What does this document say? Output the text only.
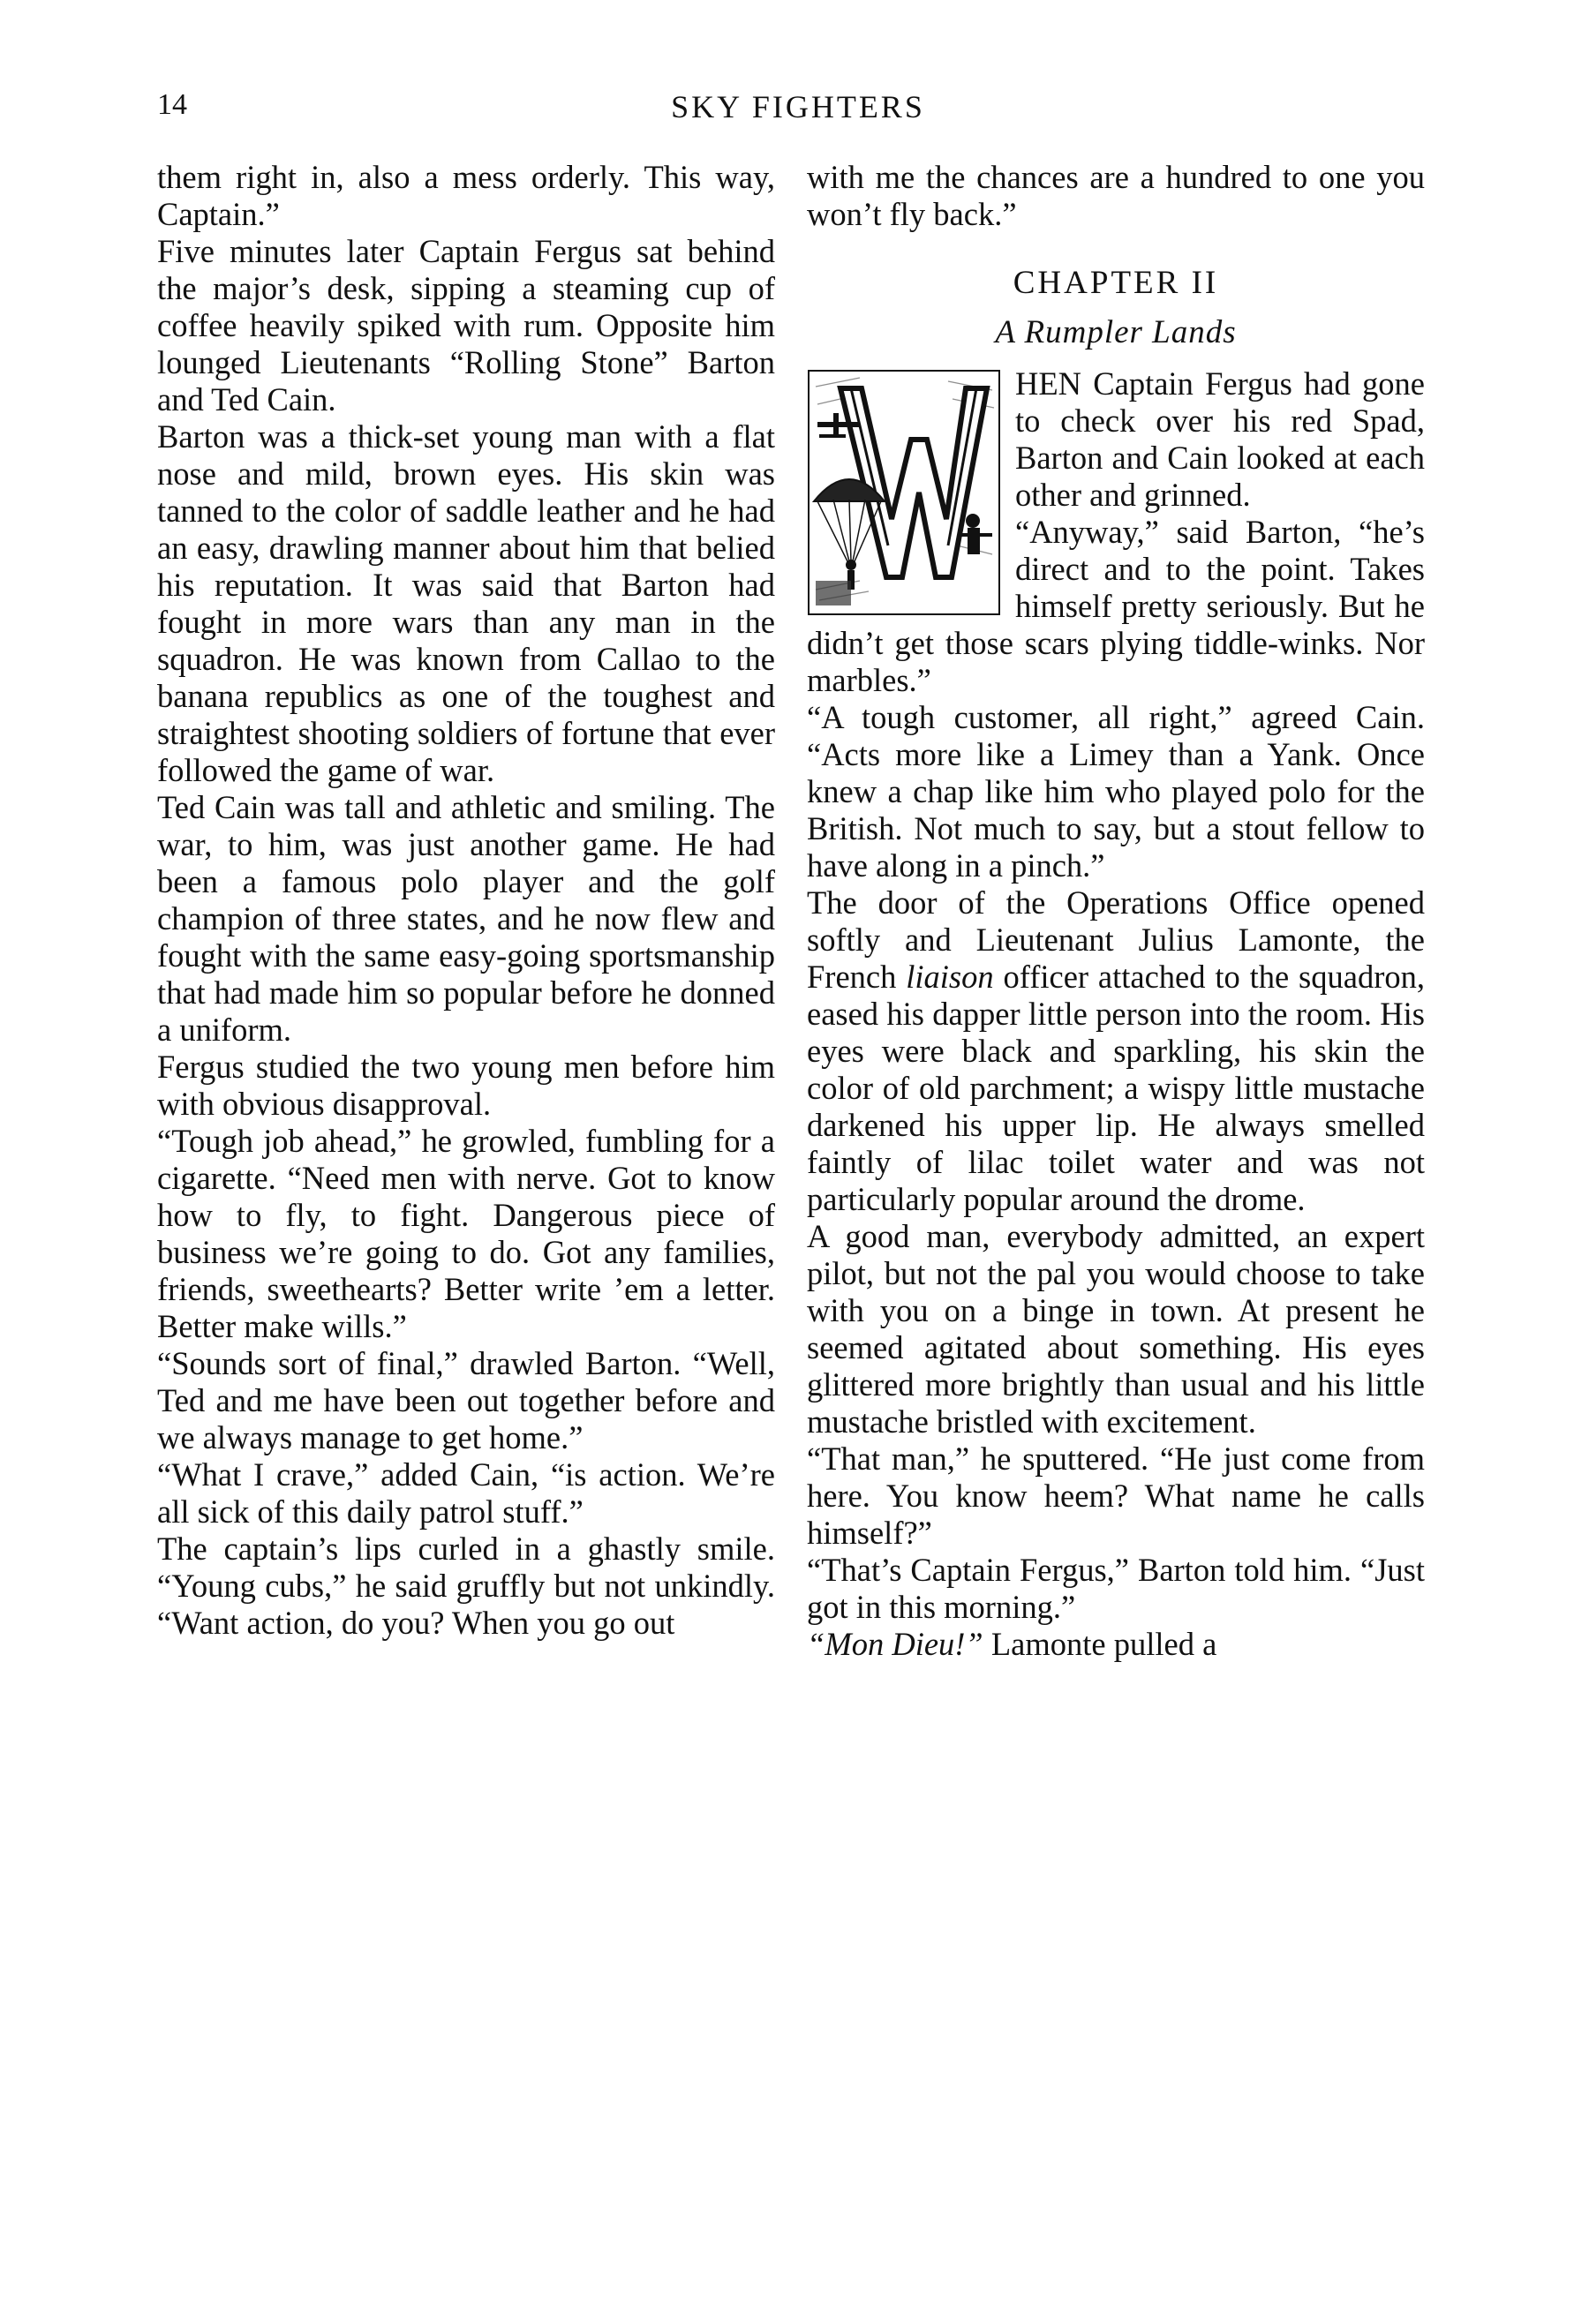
14	SKY FIGHTERS

them right in, also a mess orderly. This way, Captain.”

Five minutes later Captain Fergus sat behind the major’s desk, sipping a steaming cup of coffee heavily spiked with rum. Opposite him lounged Lieutenants “Rolling Stone” Barton and Ted Cain.

Barton was a thick-set young man with a flat nose and mild, brown eyes. His skin was tanned to the color of saddle leather and he had an easy, drawling manner about him that belied his reputation. It was said that Barton had fought in more wars than any man in the squadron. He was known from Callao to the banana republics as one of the toughest and straightest shooting soldiers of fortune that ever followed the game of war.

Ted Cain was tall and athletic and smiling. The war, to him, was just another game. He had been a famous polo player and the golf champion of three states, and he now flew and fought with the same easy-going sportsmanship that had made him so popular before he donned a uniform.

Fergus studied the two young men before him with obvious disapproval.

“Tough job ahead,” he growled, fumbling for a cigarette. “Need men with nerve. Got to know how to fly, to fight. Dangerous piece of business we’re going to do. Got any families, friends, sweethearts? Better write ’em a letter. Better make wills.”

“Sounds sort of final,” drawled Barton. “Well, Ted and me have been out together before and we always manage to get home.”

“What I crave,” added Cain, “is action. We’re all sick of this daily patrol stuff.”

The captain’s lips curled in a ghastly smile. “Young cubs,” he said gruffly but not unkindly. “Want action, do you? When you go out

with me the chances are a hundred to one you won’t fly back.”

CHAPTER II
A Rumpler Lands

HEN Captain Fergus had gone to check over his red Spad, Barton and Cain looked at each other and grinned.

“Anyway,” said Barton, “he’s direct and to the point. Takes himself pretty seriously. But he didn’t get those scars plying tiddle-winks. Nor marbles.”

“A tough customer, all right,” agreed Cain. “Acts more like a Limey than a Yank. Once knew a chap like him who played polo for the British. Not much to say, but a stout fellow to have along in a pinch.”

The door of the Operations Office opened softly and Lieutenant Julius Lamonte, the French liaison officer attached to the squadron, eased his dapper little person into the room. His eyes were black and sparkling, his skin the color of old parchment; a wispy little mustache darkened his upper lip. He always smelled faintly of lilac toilet water and was not particularly popular around the drome.

A good man, everybody admitted, an expert pilot, but not the pal you would choose to take with you on a binge in town. At present he seemed agitated about something. His eyes glittered more brightly than usual and his little mustache bristled with excitement.

“That man,” he sputtered. “He just come from here. You know heem? What name he calls himself?”

“That’s Captain Fergus,” Barton told him. “Just got in this morning.”

“Mon Dieu!” Lamonte pulled a
